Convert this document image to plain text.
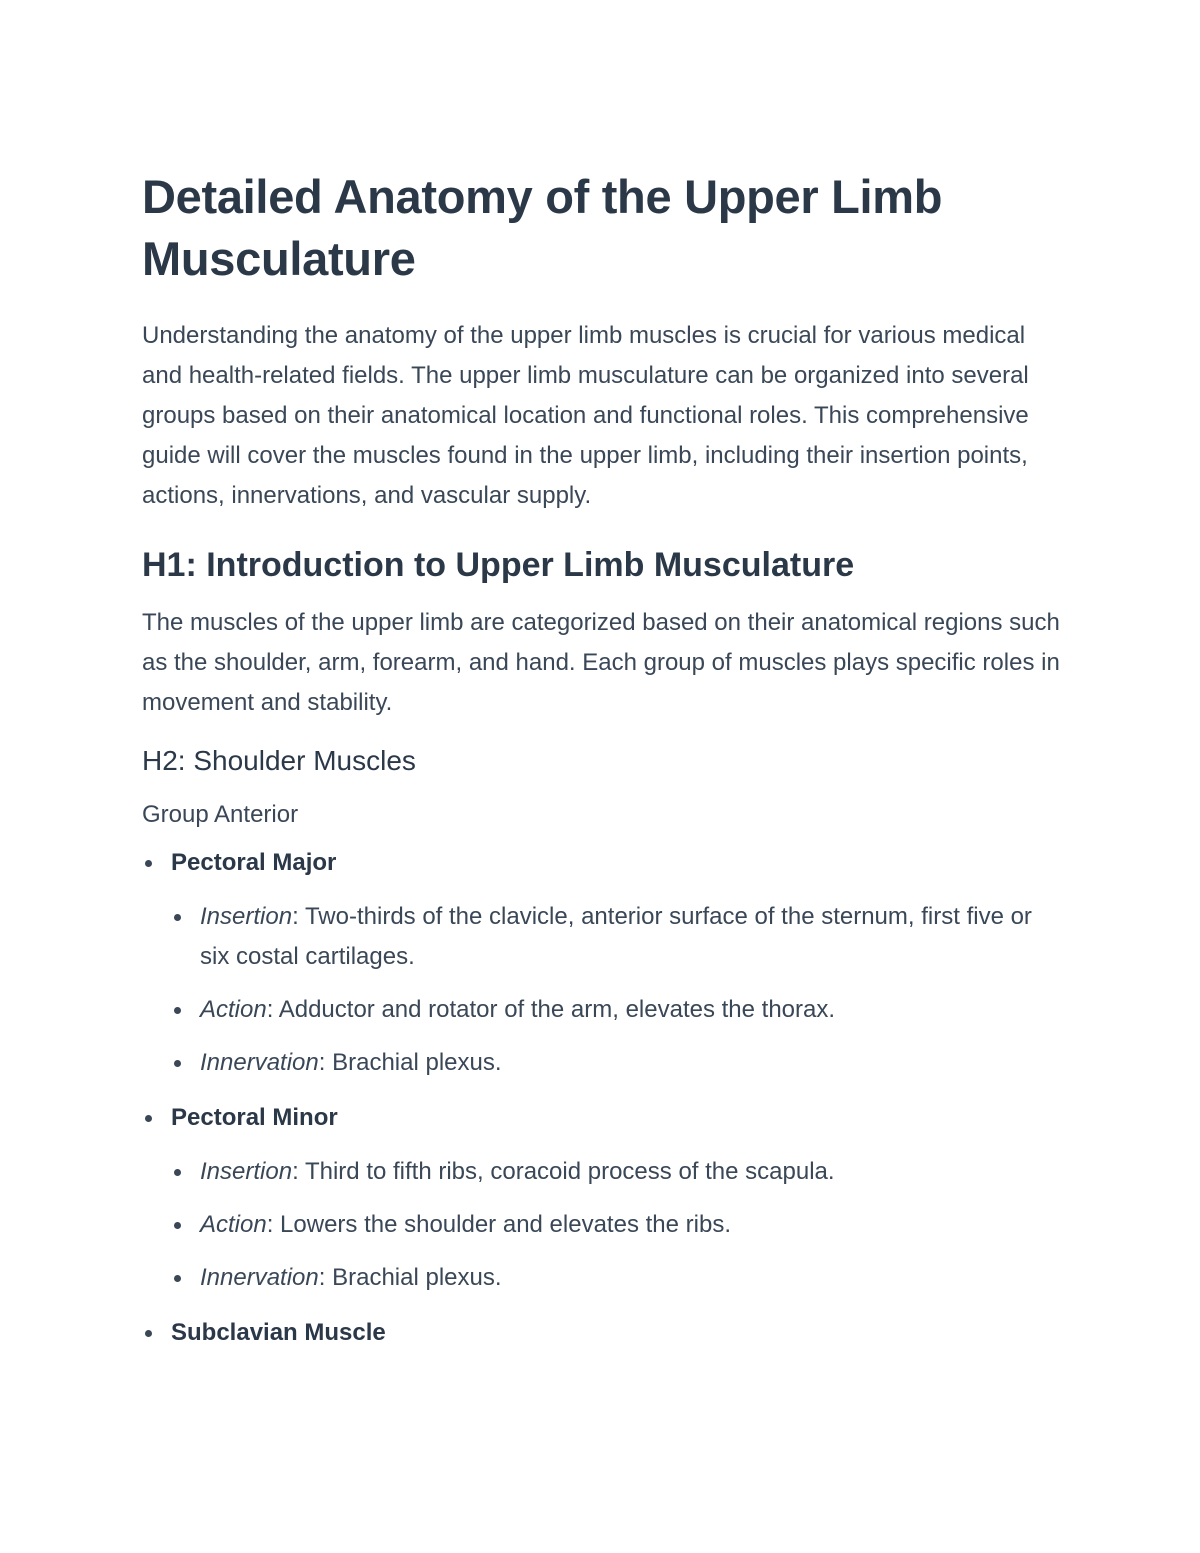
Detailed Anatomy of the Upper Limb Musculature

Understanding the anatomy of the upper limb muscles is crucial for various medical and health-related fields. The upper limb musculature can be organized into several groups based on their anatomical location and functional roles. This comprehensive guide will cover the muscles found in the upper limb, including their insertion points, actions, innervations, and vascular supply.

H1: Introduction to Upper Limb Musculature

The muscles of the upper limb are categorized based on their anatomical regions such as the shoulder, arm, forearm, and hand. Each group of muscles plays specific roles in movement and stability.

H2: Shoulder Muscles
Group Anterior
Pectoral Major
Insertion: Two-thirds of the clavicle, anterior surface of the sternum, first five or six costal cartilages.
Action: Adductor and rotator of the arm, elevates the thorax.
Innervation: Brachial plexus.
Pectoral Minor
Insertion: Third to fifth ribs, coracoid process of the scapula.
Action: Lowers the shoulder and elevates the ribs.
Innervation: Brachial plexus.
Subclavian Muscle
